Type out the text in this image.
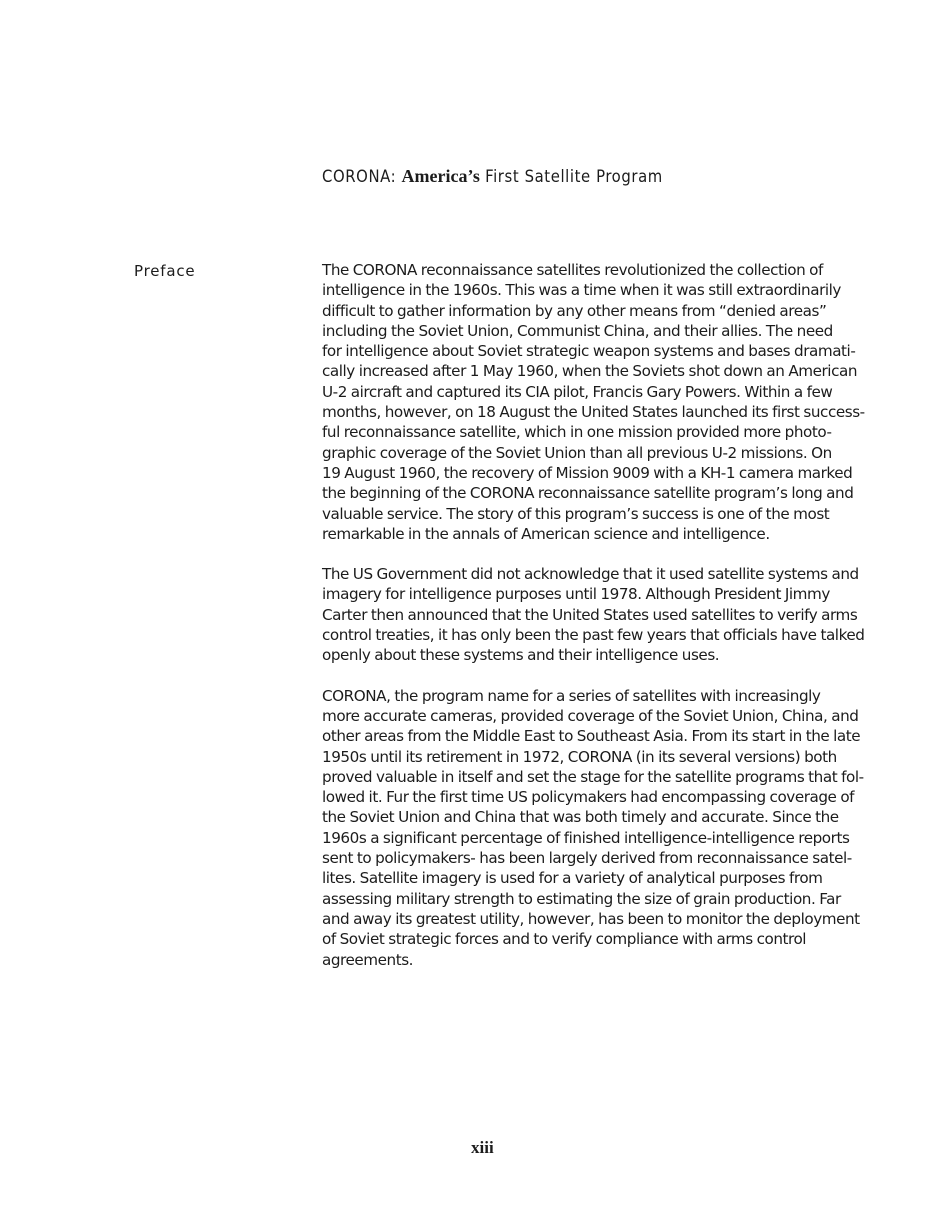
CORONA: America’s First Satellite Program
Preface	The CORONA reconnaissance satellites revolutionized the collection of
intelligence in the 1960s. This was a time when it was still extraordinarily
difficult to gather information by any other means from “denied areas”
including the Soviet Union, Communist China, and their allies. The need
for intelligence about Soviet strategic weapon systems and bases dramati-
cally increased after 1 May 1960, when the Soviets shot down an American
U-2 aircraft and captured its CIA pilot, Francis Gary Powers. Within a few
months, however, on 18 August the United States launched its first success-
ful reconnaissance satellite, which in one mission provided more photo-
graphic coverage of the Soviet Union than all previous U-2 missions. On
19 August 1960, the recovery of Mission 9009 with a KH-1 camera marked
the beginning of the CORONA reconnaissance satellite program’s long and
valuable service. The story of this program’s success is one of the most
remarkable in the annals of American science and intelligence.

The US Government did not acknowledge that it used satellite systems and
imagery for intelligence purposes until 1978. Although President Jimmy
Carter then announced that the United States used satellites to verify arms
control treaties, it has only been the past few years that officials have talked
openly about these systems and their intelligence uses.

CORONA, the program name for a series of satellites with increasingly
more accurate cameras, provided coverage of the Soviet Union, China, and
other areas from the Middle East to Southeast Asia. From its start in the late
1950s until its retirement in 1972, CORONA (in its several versions) both
proved valuable in itself and set the stage for the satellite programs that fol-
lowed it. Fur the first time US policymakers had encompassing coverage of
the Soviet Union and China that was both timely and accurate. Since the
1960s a significant percentage of finished intelligence-intelligence reports
sent to policymakers- has been largely derived from reconnaissance satel-
lites. Satellite imagery is used for a variety of analytical purposes from
assessing military strength to estimating the size of grain production. Far
and away its greatest utility, however, has been to monitor the deployment
of Soviet strategic forces and to verify compliance with arms control
agreements.

xiii
